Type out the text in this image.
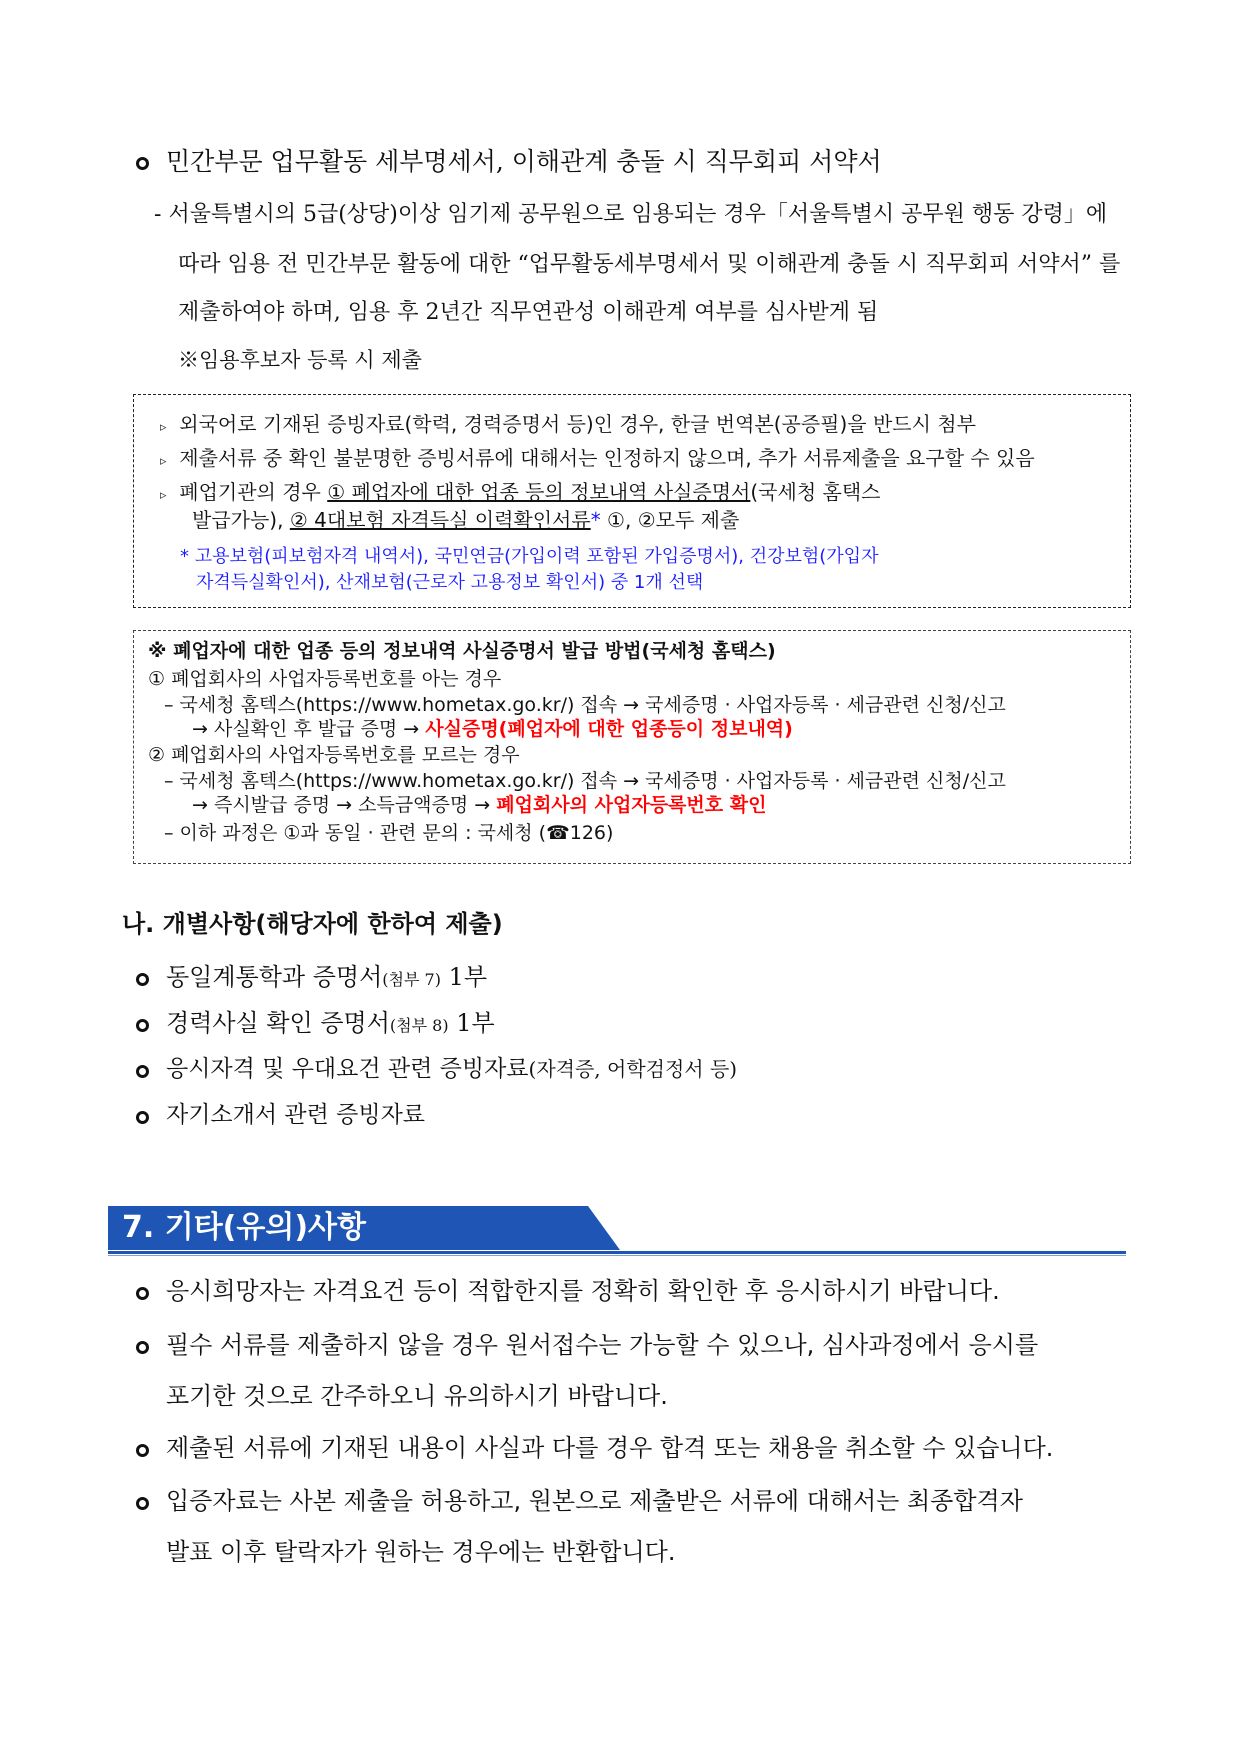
민간부문 업무활동 세부명세서, 이해관계 충돌 시 직무회피 서약서
- 서울특별시의 5급(상당)이상 임기제 공무원으로 임용되는 경우「서울특별시 공무원 행동 강령」에
따라 임용 전 민간부문 활동에 대한 “업무활동세부명세서 및 이해관계 충돌 시 직무회피 서약서” 를
제출하여야 하며, 임용 후 2년간 직무연관성 이해관계 여부를 심사받게 됨
※임용후보자 등록 시 제출
▹ 외국어로 기재된 증빙자료(학력, 경력증명서 등)인 경우, 한글 번역본(공증필)을 반드시 첨부
▹ 제출서류 중 확인 불분명한 증빙서류에 대해서는 인정하지 않으며, 추가 서류제출을 요구할 수 있음
▹ 폐업기관의 경우 ① 폐업자에 대한 업종 등의 정보내역 사실증명서(국세청 홈택스
발급가능), ② 4대보험 자격득실 이력확인서류* ①, ②모두 제출
* 고용보험(피보험자격 내역서), 국민연금(가입이력 포함된 가입증명서), 건강보험(가입자
자격득실확인서), 산재보험(근로자 고용정보 확인서) 중 1개 선택
※ 폐업자에 대한 업종 등의 정보내역 사실증명서 발급 방법(국세청 홈택스)
① 폐업회사의 사업자등록번호를 아는 경우
– 국세청 홈텍스(https://www.hometax.go.kr/) 접속 → 국세증명 · 사업자등록 · 세금관련 신청/신고
→ 사실확인 후 발급 증명 → 사실증명(폐업자에 대한 업종등이 정보내역)
② 폐업회사의 사업자등록번호를 모르는 경우
– 국세청 홈텍스(https://www.hometax.go.kr/) 접속 → 국세증명 · 사업자등록 · 세금관련 신청/신고
→ 즉시발급 증명 → 소득금액증명 → 폐업회사의 사업자등록번호 확인
– 이하 과정은 ①과 동일 · 관련 문의 : 국세청 (☎126)
나. 개별사항(해당자에 한하여 제출)
동일계통학과 증명서(첨부 7) 1부
경력사실 확인 증명서(첨부 8) 1부
응시자격 및 우대요건 관련 증빙자료(자격증, 어학검정서 등)
자기소개서 관련 증빙자료
7. 기타(유의)사항
응시희망자는 자격요건 등이 적합한지를 정확히 확인한 후 응시하시기 바랍니다.
필수 서류를 제출하지 않을 경우 원서접수는 가능할 수 있으나, 심사과정에서 응시를
포기한 것으로 간주하오니 유의하시기 바랍니다.
제출된 서류에 기재된 내용이 사실과 다를 경우 합격 또는 채용을 취소할 수 있습니다.
입증자료는 사본 제출을 허용하고, 원본으로 제출받은 서류에 대해서는 최종합격자
발표 이후 탈락자가 원하는 경우에는 반환합니다.
